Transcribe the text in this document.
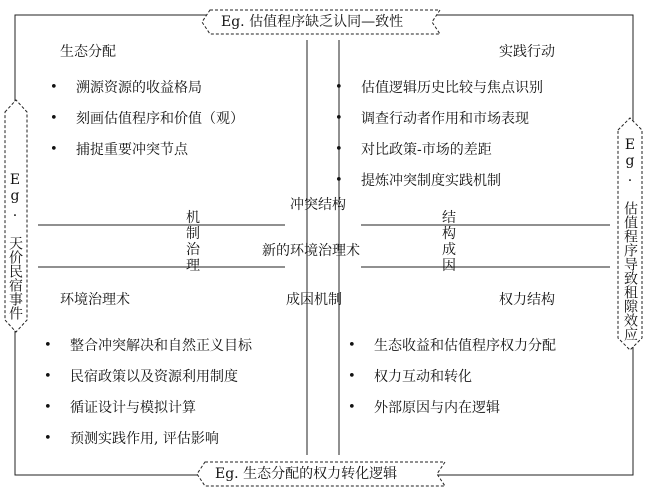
Eg. 估值程序缺乏认同—致性
Eg. 生态分配的权力转化逻辑
Eg. 天价民宿事件	Eg. 估值程序导致租隙效应
生态分配	实践行动
环境治理术	权力结构
• 溯源资源的收益格局
• 刻画估值程序和价值（观）
• 捕捉重要冲突节点
• 估值逻辑历史比较与焦点识别
• 调查行动者作用和市场表现
• 对比政策-市场的差距
• 提炼冲突制度实践机制
• 整合冲突解决和自然正义目标
• 民宿政策以及资源利用制度
• 循证设计与模拟计算
• 预测实践作用, 评估影响
• 生态收益和估值程序权力分配
• 权力互动和转化
• 外部原因与内在逻辑
冲突结构
新的环境治理术
成因机制
机制治理
结构成因
